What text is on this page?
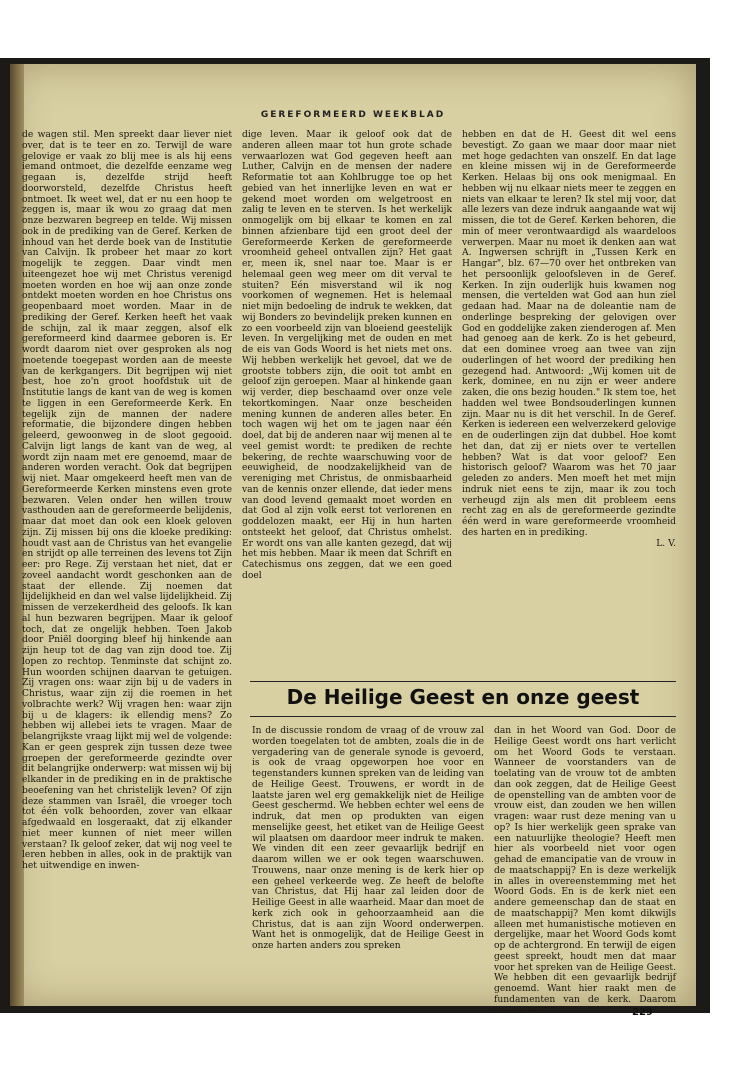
GEREFORMEERD WEEKBLAD

de wagen stil. Men spreekt daar liever niet over, dat is te teer en zo. Terwijl de ware gelovige er vaak zo blij mee is als hij eens iemand ontmoet, die dezelfde eenzame weg gegaan is, dezelfde strijd heeft doorworsteld, dezelfde Christus heeft ontmoet. Ik weet wel, dat er nu een hoop te zeggen is, maar ik wou zo graag dat men onze bezwaren begreep en telde. Wij missen ook in de prediking van de Geref. Kerken de inhoud van het derde boek van de Institutie van Calvijn. Ik probeer het maar zo kort mogelijk te zeggen. Daar vindt men uiteengezet hoe wij met Christus verenigd moeten worden en hoe wij aan onze zonde ontdekt moeten worden en hoe Christus ons geopenbaard moet worden. Maar in de prediking der Geref. Kerken heeft het vaak de schijn, zal ik maar zeggen, alsof elk gereformeerd kind daarmee geboren is. Er wordt daarom niet over gesproken als nog moetende toegepast worden aan de meeste van de kerkgangers. Dit begrijpen wij niet best, hoe zo'n groot hoofdstuk uit de Institutie langs de kant van de weg is komen te liggen in een Gereformeerde Kerk. En tegelijk zijn de mannen der nadere reformatie, die bijzondere dingen hebben geleerd, gewoonweg in de sloot gegooid. Calvijn ligt langs de kant van de weg, al wordt zijn naam met ere genoemd, maar de anderen worden veracht. Ook dat begrijpen wij niet. Maar omgekeerd heeft men van de Gereformeerde Kerken minstens even grote bezwaren. Velen onder hen willen trouw vasthouden aan de gereformeerde belijdenis, maar dat moet dan ook een kloek geloven zijn. Zij missen bij ons die kloeke prediking: houdt vast aan de Christus van het evangelie en strijdt op alle terreinen des levens tot Zijn eer: pro Rege. Zij verstaan het niet, dat er zoveel aandacht wordt geschonken aan de staat der ellende. Zij noemen dat lijdelijkheid en dan wel valse lijdelijkheid. Zij missen de verzekerdheid des geloofs. Ik kan al hun bezwaren begrijpen. Maar ik geloof toch, dat ze ongelijk hebben. Toen Jakob door Pniël doorging bleef hij hinkende aan zijn heup tot de dag van zijn dood toe. Zij lopen zo rechtop. Tenminste dat schijnt zo. Hun woorden schijnen daarvan te getuigen. Zij vragen ons: waar zijn bij u de vaders in Christus, waar zijn zij die roemen in het volbrachte werk? Wij vragen hen: waar zijn bij u de klagers: ik ellendig mens? Zo hebben wij allebei iets te vragen. Maar de belangrijkste vraag lijkt mij wel de volgende: Kan er geen gesprek zijn tussen deze twee groepen der gereformeerde gezindte over dit belangrijke onderwerp: wat missen wij bij elkander in de prediking en in de praktische beoefening van het christelijk leven? Of zijn deze stammen van Israël, die vroeger toch tot één volk behoorden, zover van elkaar afgedwaald en losgeraakt, dat zij elkander niet meer kunnen of niet meer willen verstaan? Ik geloof zeker, dat wij nog veel te leren hebben in alles, ook in de praktijk van het uitwendige en inwen-

dige leven. Maar ik geloof ook dat de anderen alleen maar tot hun grote schade verwaarlozen wat God gegeven heeft aan Luther, Calvijn en de mensen der nadere Reformatie tot aan Kohlbrugge toe op het gebied van het innerlijke leven en wat er gekend moet worden om welgetroost en zalig te leven en te sterven. Is het werkelijk onmogelijk om bij elkaar te komen en zal binnen afzienbare tijd een groot deel der Gereformeerde Kerken de gereformeerde vroomheid geheel ontvallen zijn? Het gaat er, meen ik, snel naar toe. Maar is er helemaal geen weg meer om dit verval te stuiten? Eén misverstand wil ik nog voorkomen of wegnemen. Het is helemaal niet mijn bedoeling de indruk te wekken, dat wij Bonders zo bevindelijk preken kunnen en zo een voorbeeld zijn van bloeiend geestelijk leven. In vergelijking met de ouden en met de eis van Gods Woord is het niets met ons. Wij hebben werkelijk het gevoel, dat we de grootste tobbers zijn, die ooit tot ambt en geloof zijn geroepen. Maar al hinkende gaan wij verder, diep beschaamd over onze vele tekortkomingen. Naar onze bescheiden mening kunnen de anderen alles beter. En toch wagen wij het om te jagen naar één doel, dat bij de anderen naar wij menen al te veel gemist wordt: te prediken de rechte bekering, de rechte waarschuwing voor de eeuwigheid, de noodzakelijkheid van de vereniging met Christus, de onmisbaarheid van de kennis onzer ellende, dat ieder mens van dood levend gemaakt moet worden en dat God al zijn volk eerst tot verlorenen en goddelozen maakt, eer Hij in hun harten ontsteekt het geloof, dat Christus omhelst. Er wordt ons van alle kanten gezegd, dat wij het mis hebben. Maar ik meen dat Schrift en Catechismus ons zeggen, dat we een goed doel

hebben en dat de H. Geest dit wel eens bevestigt. Zo gaan we maar door maar niet met hoge gedachten van onszelf. En dat lage en kleine missen wij in de Gereformeerde Kerken. Helaas bij ons ook menigmaal. En hebben wij nu elkaar niets meer te zeggen en niets van elkaar te leren? Ik stel mij voor, dat alle lezers van deze indruk aangaande wat wij missen, die tot de Geref. Kerken behoren, die min of meer verontwaardigd als waardeloos verwerpen. Maar nu moet ik denken aan wat A. Ingwersen schrijft in „Tussen Kerk en Hangar", blz. 67—70 over het ontbreken van het persoonlijk geloofsleven in de Geref. Kerken. In zijn ouderlijk huis kwamen nog mensen, die vertelden wat God aan hun ziel gedaan had. Maar na de doleantie nam de onderlinge bespreking der gelovigen over God en goddelijke zaken zienderogen af. Men had genoeg aan de kerk. Zo is het gebeurd, dat een dominee vroeg aan twee van zijn ouderlingen of het woord der prediking hen gezegend had. Antwoord: „Wij komen uit de kerk, dominee, en nu zijn er weer andere zaken, die ons bezig houden." Ik stem toe, het hadden wel twee Bondsouderlingen kunnen zijn. Maar nu is dit het verschil. In de Geref. Kerken is iedereen een welverzekerd gelovige en de ouderlingen zijn dat dubbel. Hoe komt het dan, dat zij er niets over te vertellen hebben? Wat is dat voor geloof? Een historisch geloof? Waarom was het 70 jaar geleden zo anders. Men moeft het met mijn indruk niet eens te zijn, maar ik zou toch verheugd zijn als men dit probleem eens recht zag en als de gereformeerde gezindte één werd in ware gereformeerde vroomheid des harten en in prediking.

L. V.
De Heilige Geest en onze geest

In de discussie rondom de vraag of de vrouw zal worden toegelaten tot de ambten, zoals die in de vergadering van de generale synode is gevoerd, is ook de vraag opgeworpen hoe voor en tegenstanders kunnen spreken van de leiding van de Heilige Geest. Trouwens, er wordt in de laatste jaren wel erg gemakkelijk niet de Heilige Geest geschermd. We hebben echter wel eens de indruk, dat men op produkten van eigen menselijke geest, het etiket van de Heilige Geest wil plaatsen om daardoor meer indruk te maken. We vinden dit een zeer gevaarlijk bedrijf en daarom willen we er ook tegen waarschuwen. Trouwens, naar onze mening is de kerk hier op een geheel verkeerde weg. Ze heeft de belofte van Christus, dat Hij haar zal leiden door de Heilige Geest in alle waarheid. Maar dan moet de kerk zich ook in gehoorzaamheid aan die Christus, dat is aan zijn Woord onderwerpen. Want het is onmogelijk, dat de Heilige Geest in onze harten anders zou spreken

dan in het Woord van God. Door de Heilige Geest wordt ons hart verlicht om het Woord Gods te verstaan. Wanneer de voorstanders van de toelating van de vrouw tot de ambten dan ook zeggen, dat de Heilige Geest de openstelling van de ambten voor de vrouw eist, dan zouden we hen willen vragen: waar rust deze mening van u op? Is hier werkelijk geen sprake van een natuurlijke theologie? Heeft men hier als voorbeeld niet voor ogen gehad de emancipatie van de vrouw in de maatschappij? En is deze werkelijk in alles in overeenstemming met het Woord Gods. En is de kerk niet een andere gemeenschap dan de staat en de maatschappij? Men komt dikwijls alleen met humanistische motieven en dergelijke, maar het Woord Gods komt op de achtergrond. En terwijl de eigen geest spreekt, houdt men dat maar voor het spreken van de Heilige Geest. We hebben dit een gevaarlijk bedrijf genoemd. Want hier raakt men de fundamenten van de kerk. Daarom achten we	229
